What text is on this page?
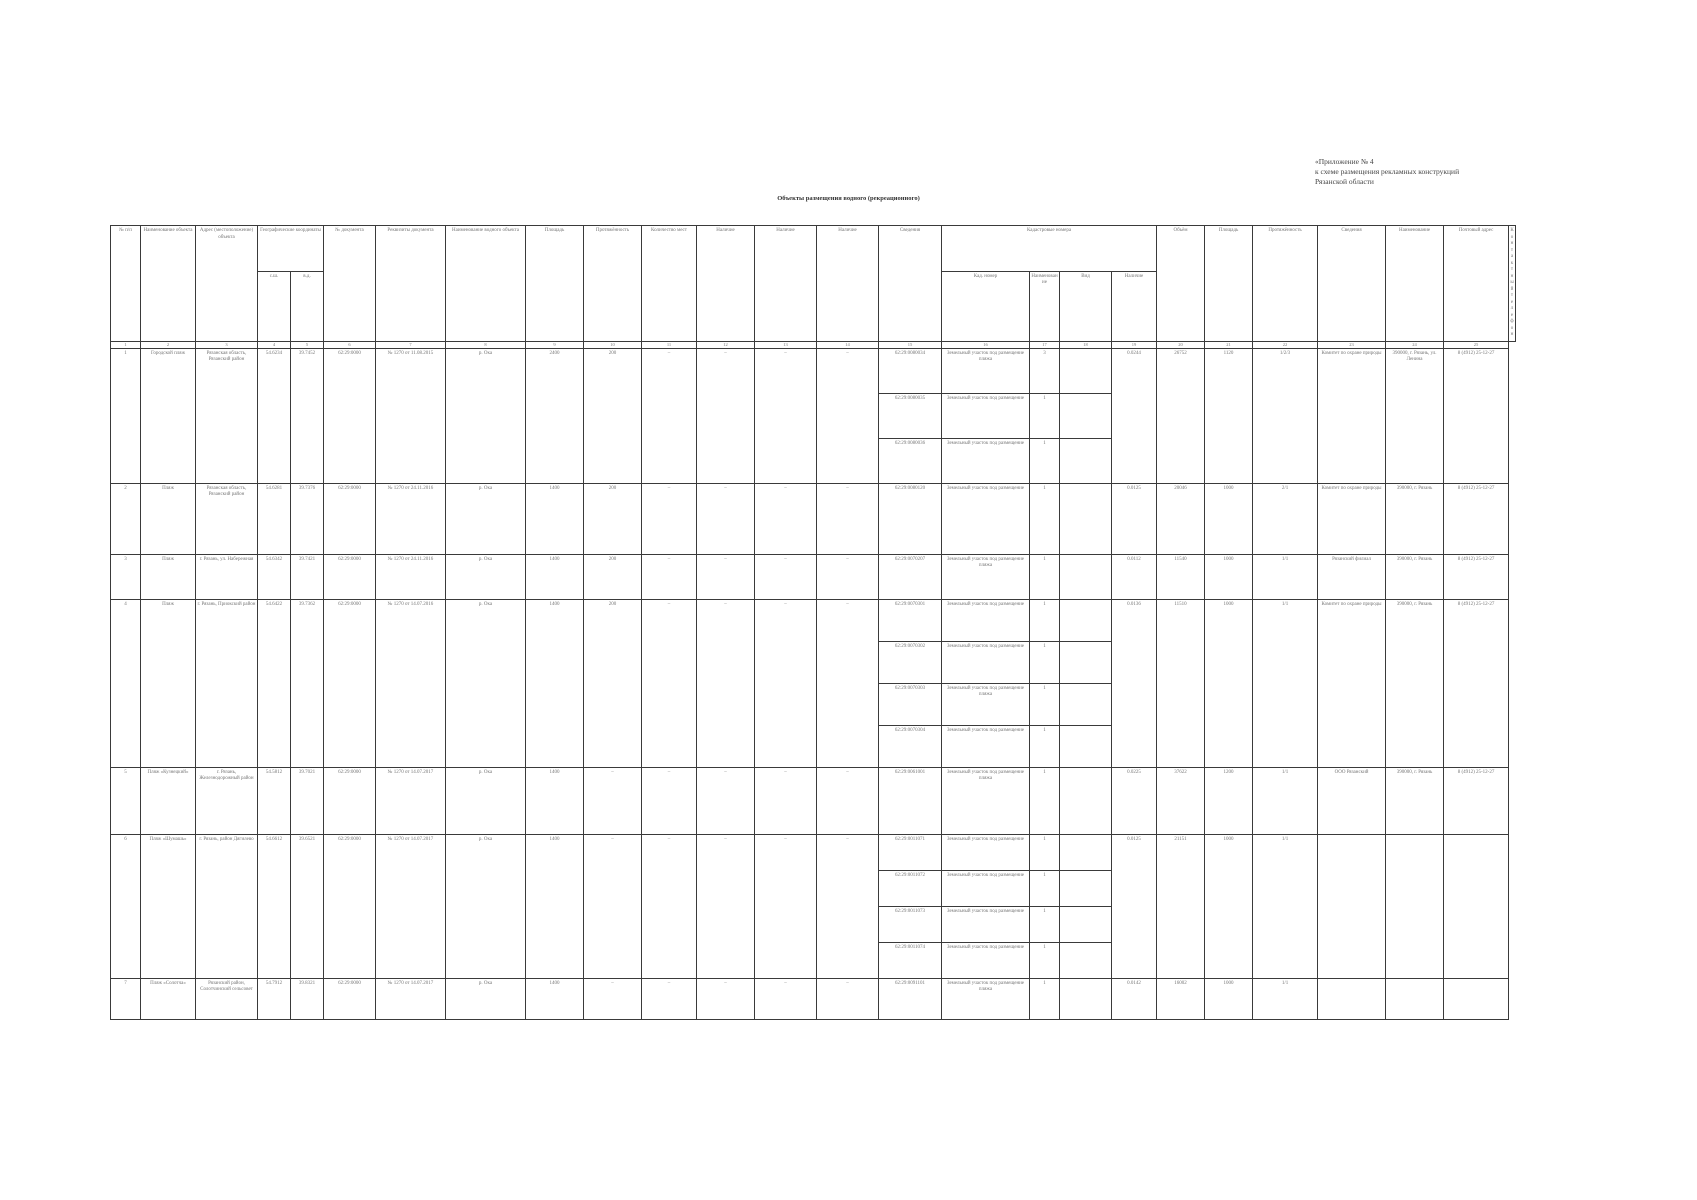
«Приложение № 4
к схеме размещения рекламных конструкций
Рязанской области
Объекты размещения водного (рекреационного)
№ п/п	Наименование объекта	Адрес (местоположение) объекта	Географические координаты		№ документа	Реквизиты документа	Наименование водного объекта	Площадь	Протяжённость	Количество мест	Наличие	Наличие	Наличие	Сведения	Кадастровые номера				Объём	Площадь	Протяжённость	Сведения	Наименование	Почтовый адрес	Контактный телефон
			с.ш.	в.д.											Кад. номер	Наименование	Вид	Наличие							
1	2	3	4	5	6	7	8	9	10	11	12	13	14	15	16	17	18	19	20	21	22	23	24	25	
1	Городской пляж	Рязанская область, Рязанский район	54.6234	39.7452	62:29:0000	№ 1270 от 11.08.2015	р. Ока	2400	200	–	–	–	–	62:29:0080034	Земельный участок под размещение пляжа	3		0.0244	26752	1120	1/2/3	Комитет по охране природы	390000, г. Рязань, ул. Ленина	8 (4912) 25-12-27	
														62:29:0080035	Земельный участок под размещение	1									
														62:29:0080036	Земельный участок под размещение	1									
2	Пляж	Рязанская область, Рязанский район	54.6281	39.7376	62:29:0000	№ 1270 от 24.11.2016	р. Ока	1400	200	–	–	–	–	62:29:0080120	Земельный участок под размещение	1		0.0125	20046	1000	2/1	Комитет по охране природы	390000, г. Рязань	8 (4912) 25-12-27	
3	Пляж	г. Рязань, ул. Набережная	54.6342	39.7421	62:29:0000	№ 1270 от 24.11.2016	р. Ока	1400	200	–	–	–	–	62:29:0070207	Земельный участок под размещение пляжа	1		0.0112	11540	1000	1/1	Рязанский филиал	390000, г. Рязань	8 (4912) 25-12-27	
4	Пляж	г. Рязань, Приокский район	54.6422	39.7362	62:29:0000	№ 1270 от 14.07.2016	р. Ока	1400	200	–	–	–	–	62:29:0070301	Земельный участок под размещение	1		0.0136	11510	1000	1/1	Комитет по охране природы	390000, г. Рязань	8 (4912) 25-12-27	
														62:29:0070302	Земельный участок под размещение	1									
														62:29:0070303	Земельный участок под размещение пляжа	1									
														62:29:0070304	Земельный участок под размещение	1									
5	Пляж «Кузнецкий»	г. Рязань, Железнодорожный район	54.5812	39.7021	62:29:0000	№ 1270 от 14.07.2017	р. Ока	1400	–	–	–	–	–	62:29:0061001	Земельный участок под размещение пляжа	1		0.0225	37622	1200	1/1	ООО Рязанский	390000, г. Рязань	8 (4912) 25-12-27	
6	Пляж «Шумашь»	г. Рязань, район Дягилево	54.6612	39.6521	62:29:0000	№ 1270 от 14.07.2017	р. Ока	1400	–	–	–	–	–	62:29:0011071	Земельный участок под размещение	1		0.0125	21151	1000	1/1				
														62:29:0011072	Земельный участок под размещение	1									
														62:29:0011073	Земельный участок под размещение	1									
														62:29:0011074	Земельный участок под размещение	1									
7	Пляж «Солотча»	Рязанский район, Солотчинский сельсовет	54.7912	39.8321	62:29:0000	№ 1270 от 14.07.2017	р. Ока	1400	–	–	–	–	–	62:29:0091101	Земельный участок под размещение пляжа	1		0.0142	16002	1000	1/1				
